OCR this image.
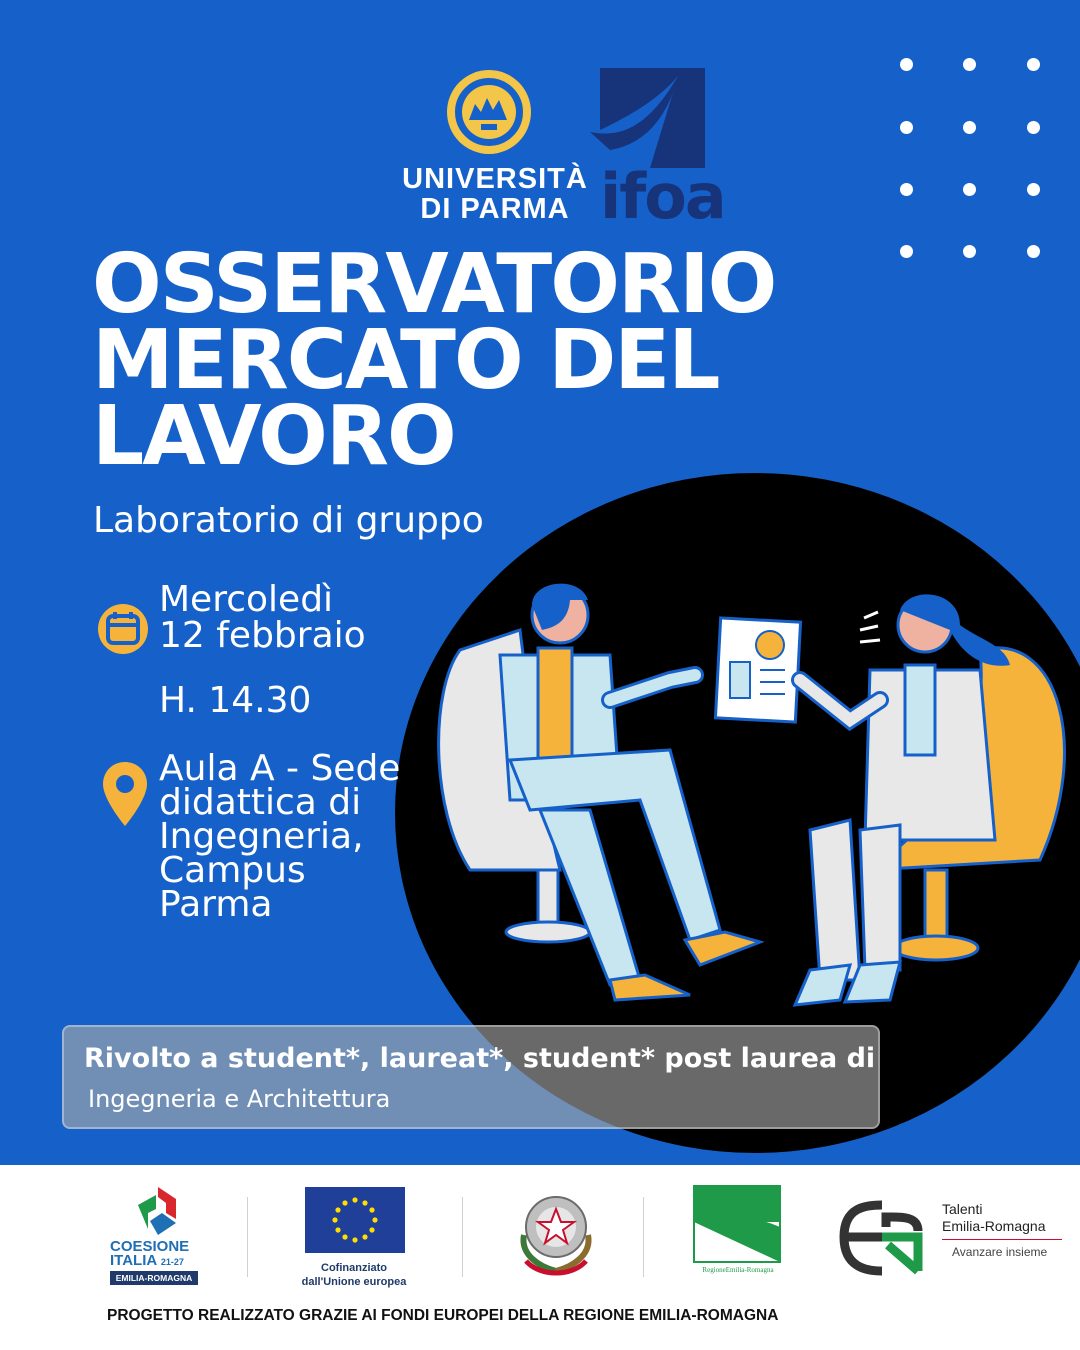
UNIVERSITÀ
DI PARMA ifoa
OSSERVATORIO
MERCATO DEL
LAVORO
Laboratorio di gruppo
Mercoledì
12 febbraio
H. 14.30
Aula A - Sede
didattica di
Ingegneria,
Campus
Parma
Rivolto a student*, laureat*, student* post laurea di
Ingegneria e Architettura
COESIONE
ITALIA 21-27
EMILIA-ROMAGNA
Cofinanziato
dall'Unione europea
RegioneEmilia-Romagna
Talenti
Emilia-Romagna
Avanzare insieme
PROGETTO REALIZZATO GRAZIE AI FONDI EUROPEI DELLA REGIONE EMILIA-ROMAGNA
